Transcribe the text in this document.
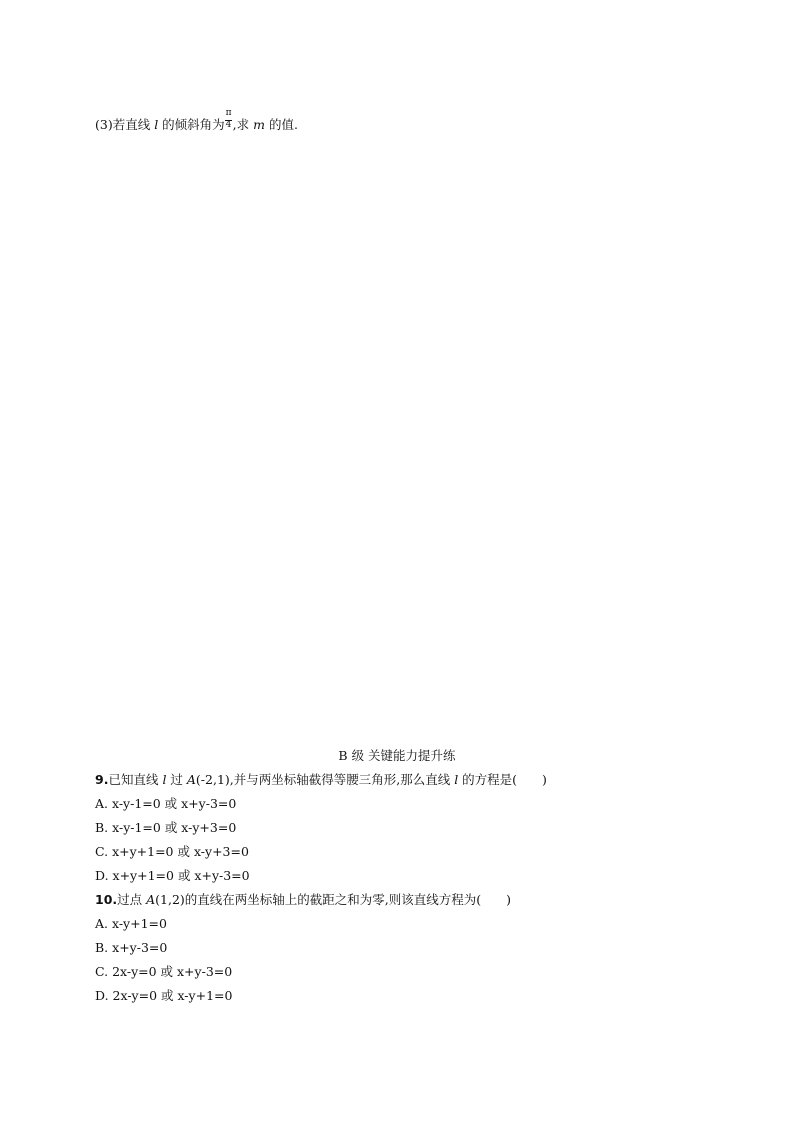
(3)若直线 l 的倾斜角为 $\frac{\pi}{4}$ ,求 m 的值.
B 级 关键能力提升练
9.已知直线 l 过 A(-2,1),并与两坐标轴截得等腰三角形,那么直线 l 的方程是(　　)
A. x-y-1=0 或 x+y-3=0
B. x-y-1=0 或 x-y+3=0
C. x+y+1=0 或 x-y+3=0
D. x+y+1=0 或 x+y-3=0
10.过点 A(1,2)的直线在两坐标轴上的截距之和为零,则该直线方程为(　　)
A. x-y+1=0
B. x+y-3=0
C. 2x-y=0 或 x+y-3=0
D. 2x-y=0 或 x-y+1=0
